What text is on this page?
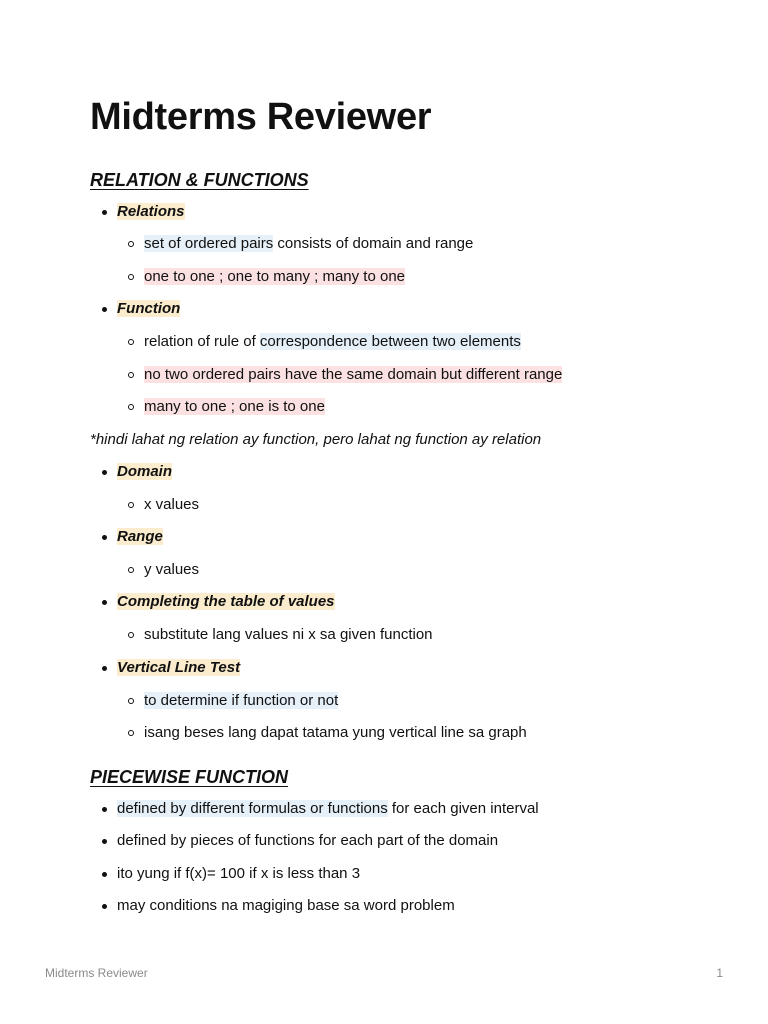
Midterms Reviewer
RELATION & FUNCTIONS
Relations
set of ordered pairs consists of domain and range
one to one ; one to many ; many to one
Function
relation of rule of correspondence between two elements
no two ordered pairs have the same domain but different range
many to one ; one is to one
*hindi lahat ng relation ay function, pero lahat ng function ay relation
Domain
x values
Range
y values
Completing the table of values
substitute lang values ni x sa given function
Vertical Line Test
to determine if function or not
isang beses lang dapat tatama yung vertical line sa graph
PIECEWISE FUNCTION
defined by different formulas or functions for each given interval
defined by pieces of functions for each part of the domain
ito yung if f(x)= 100 if x is less than 3
may conditions na magiging base sa word problem
Midterms Reviewer	1
